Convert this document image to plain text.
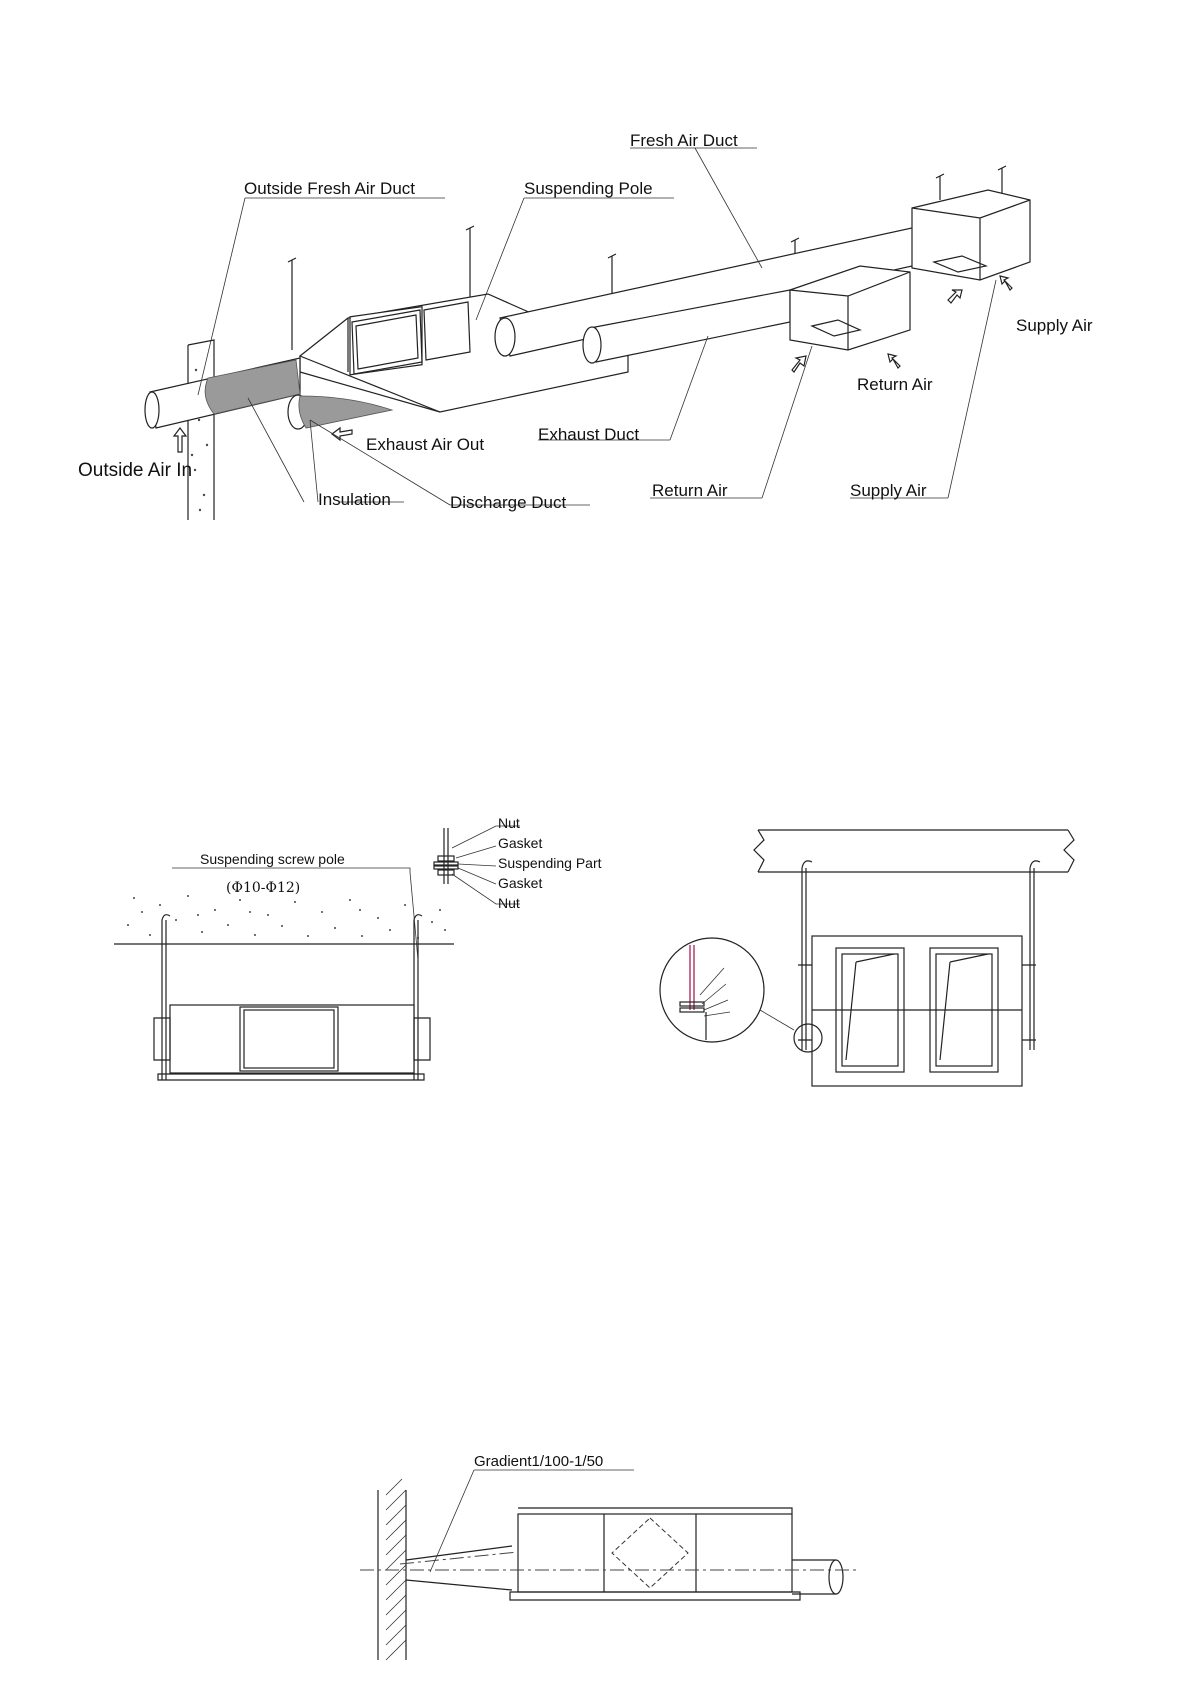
Fresh Air Duct
Outside Fresh Air Duct	Suspending Pole
Supply Air
Return Air
Exhaust Air Out
Exhaust Duct
Outside Air In
Insulation	Discharge Duct
Return Air	Supply Air
Suspending screw pole
(Φ10-Φ12)
Nut
Gasket
Suspending Part
Gasket
Nut
Gradient1/100-1/50
